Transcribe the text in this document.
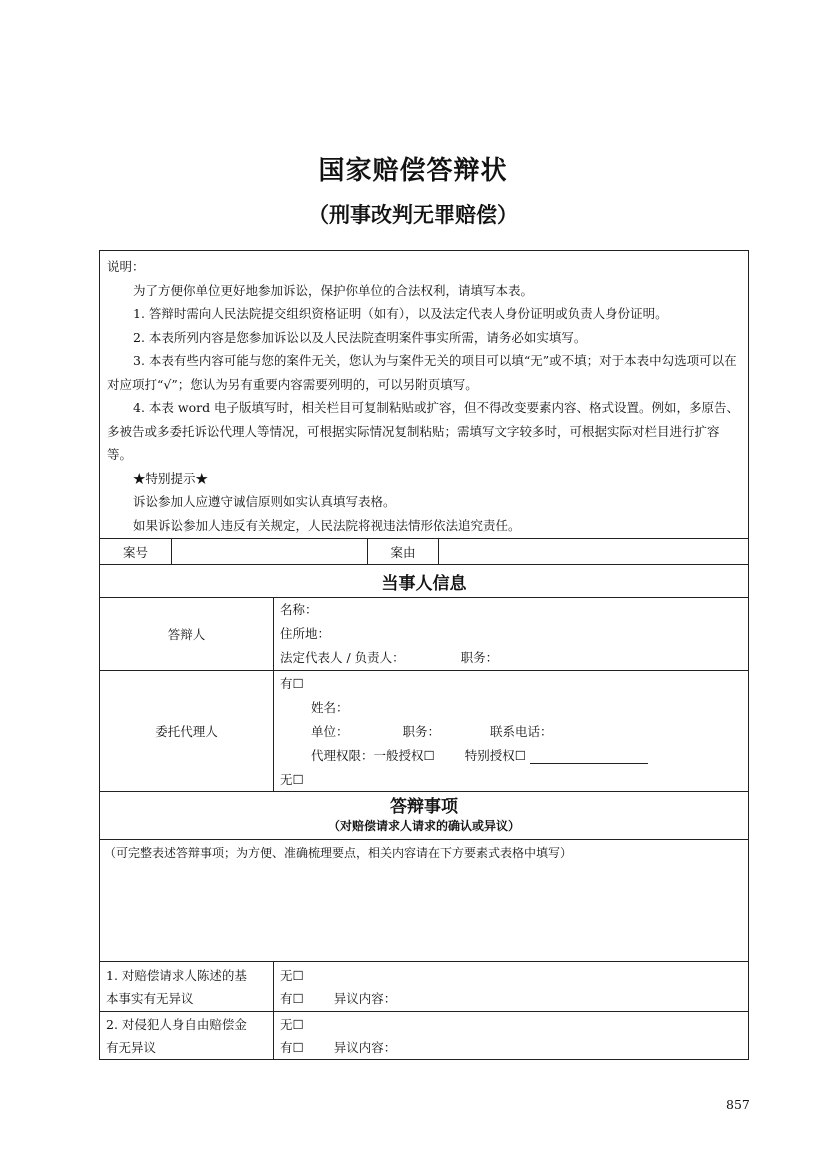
国家赔偿答辩状
（刑事改判无罪赔偿）
说明：
为了方便你单位更好地参加诉讼，保护你单位的合法权利，请填写本表。
1. 答辩时需向人民法院提交组织资格证明（如有），以及法定代表人身份证明或负责人身份证明。
2. 本表所列内容是您参加诉讼以及人民法院查明案件事实所需，请务必如实填写。
3. 本表有些内容可能与您的案件无关，您认为与案件无关的项目可以填“无”或不填；对于本表中勾选项可以在对应项打“√”；您认为另有重要内容需要列明的，可以另附页填写。
4. 本表 word 电子版填写时，相关栏目可复制粘贴或扩容，但不得改变要素内容、格式设置。例如，多原告、多被告或多委托诉讼代理人等情况，可根据实际情况复制粘贴；需填写文字较多时，可根据实际对栏目进行扩容等。
★特别提示★
诉讼参加人应遵守诚信原则如实认真填写表格。
如果诉讼参加人违反有关规定，人民法院将视违法情形依法追究责任。
案号	案由
当事人信息
答辩人
名称：
住所地：
法定代表人 / 负责人：	职务：
委托代理人
有☐
姓名：
单位：	职务：	联系电话：
代理权限：一般授权☐ 特别授权☐
无☐
答辩事项
（对赔偿请求人请求的确认或异议）
（可完整表述答辩事项；为方便、准确梳理要点，相关内容请在下方要素式表格中填写）
1. 对赔偿请求人陈述的基
本事实有无异议
无☐
有☐ 异议内容：
2. 对侵犯人身自由赔偿金
有无异议
无☐
有☐ 异议内容：
857
